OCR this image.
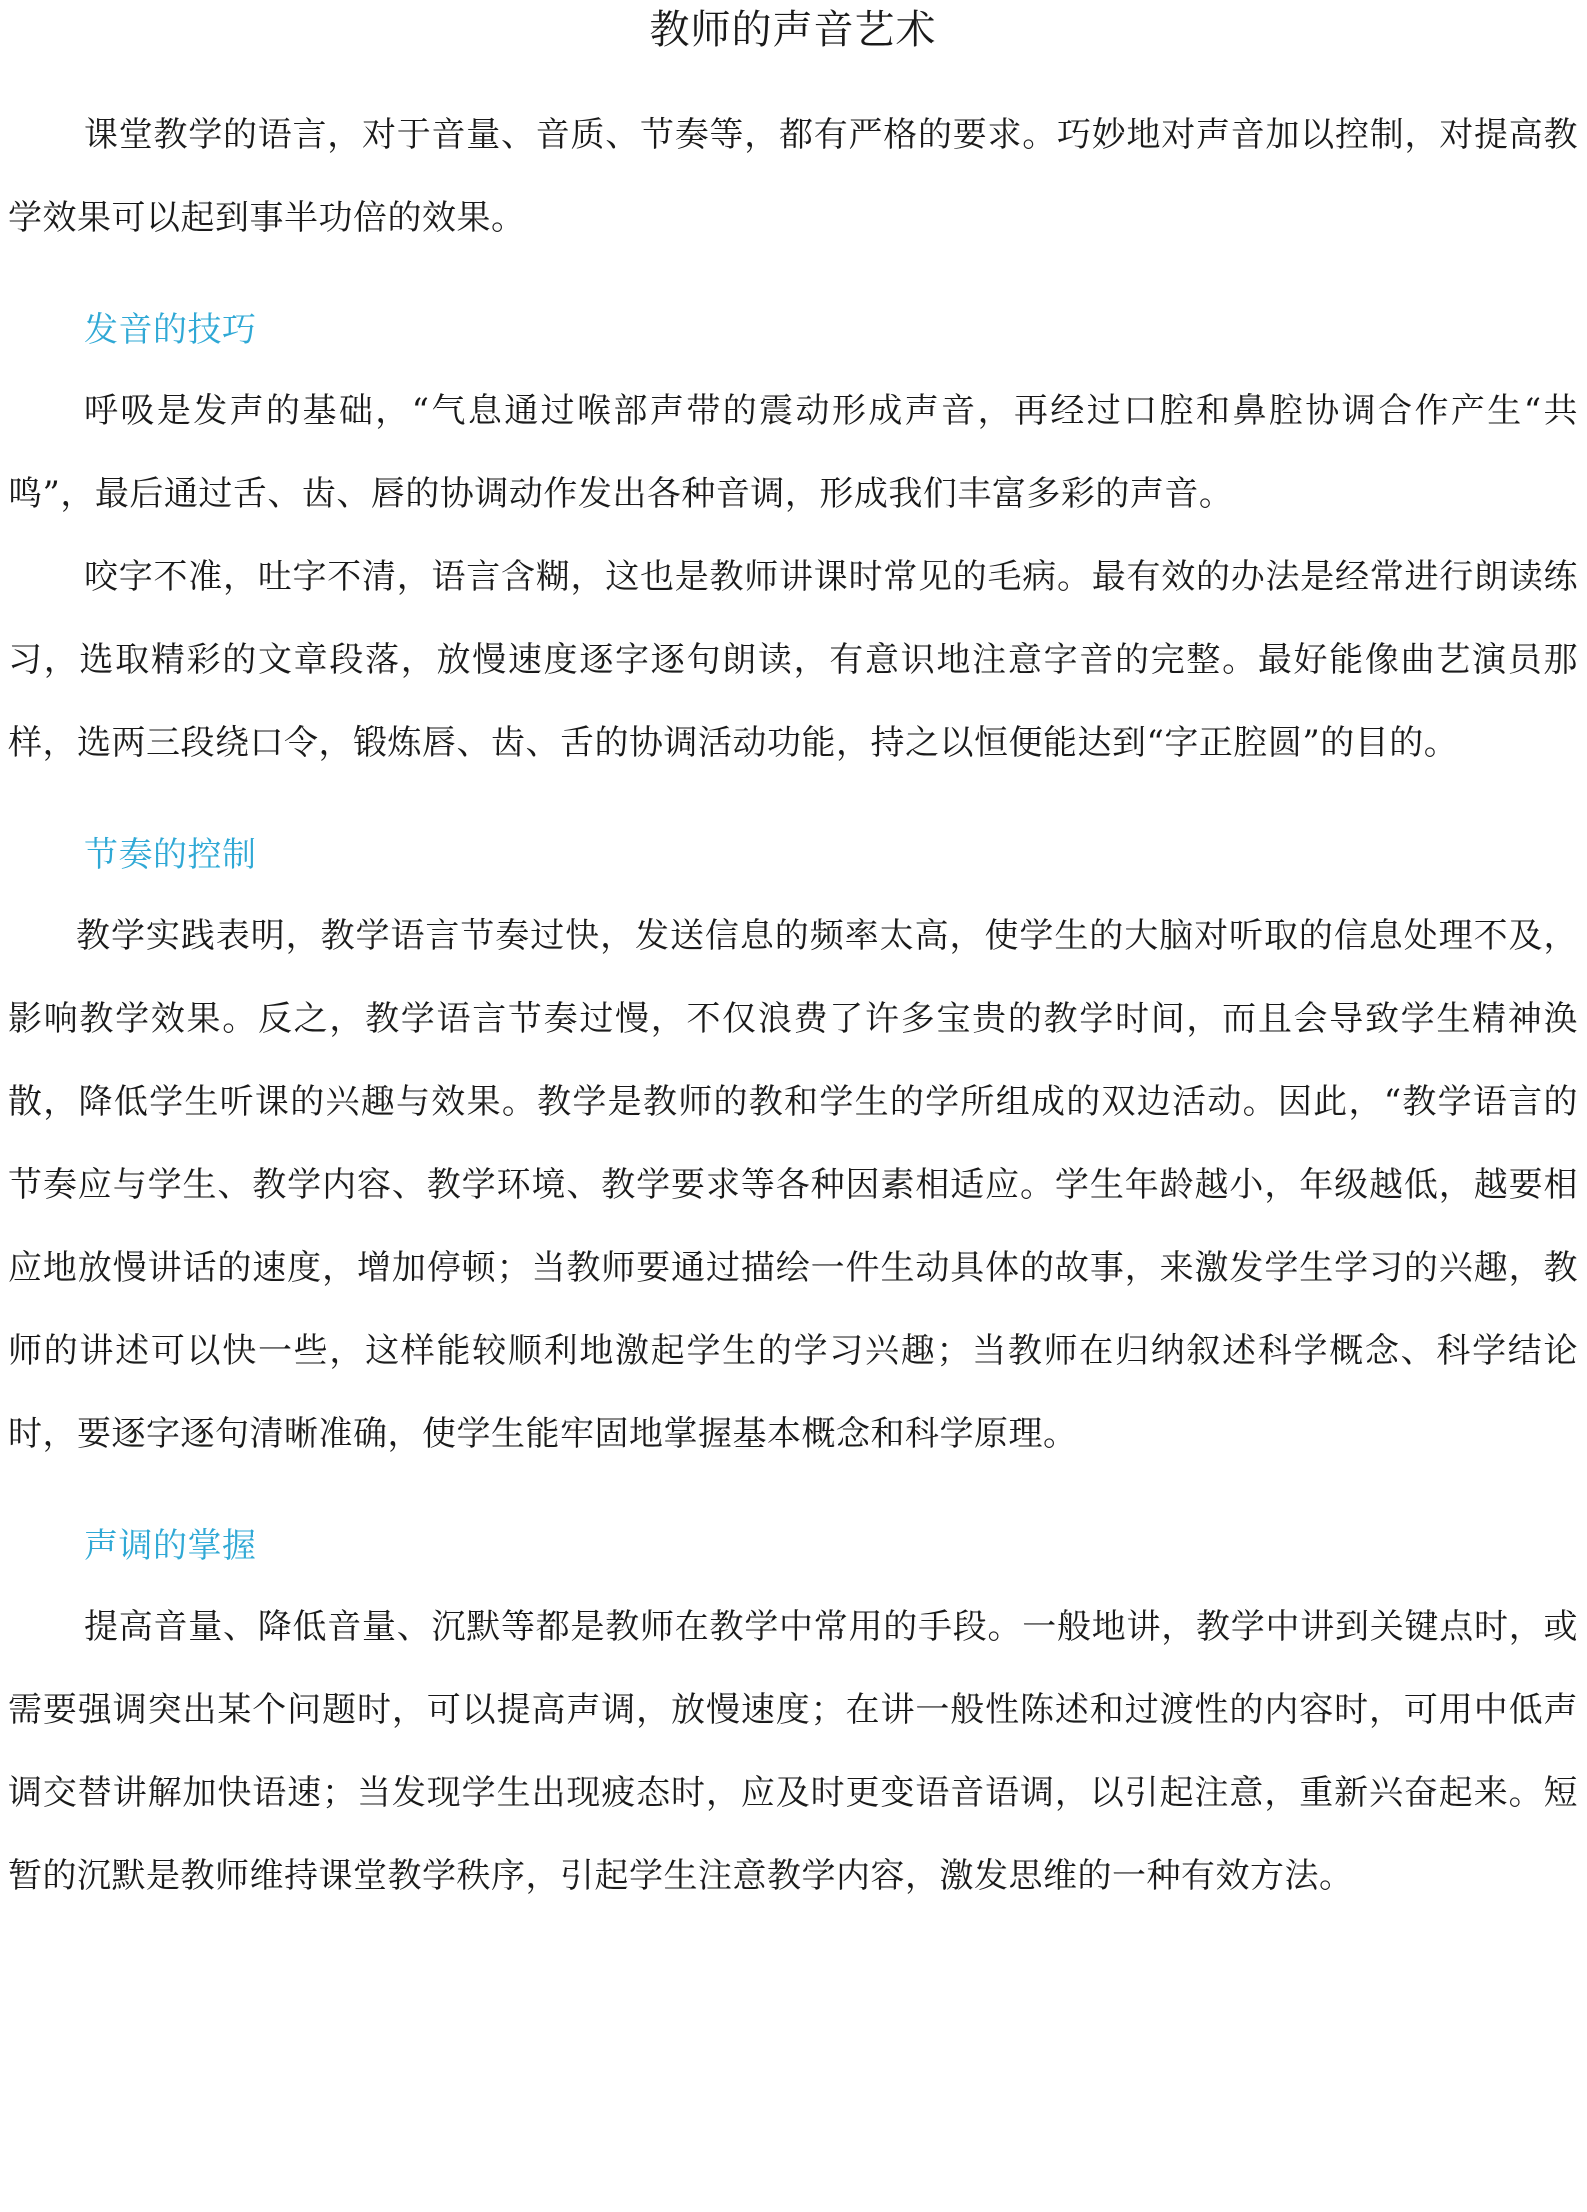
教师的声音艺术

课堂教学的语言，对于音量、音质、节奏等，都有严格的要求。巧妙地对声音加以控制，对提高教学效果可以起到事半功倍的效果。

发音的技巧

呼吸是发声的基础，“气息通过喉部声带的震动形成声音，再经过口腔和鼻腔协调合作产生“共鸣”，最后通过舌、齿、唇的协调动作发出各种音调，形成我们丰富多彩的声音。

咬字不准，吐字不清，语言含糊，这也是教师讲课时常见的毛病。最有效的办法是经常进行朗读练习，选取精彩的文章段落，放慢速度逐字逐句朗读，有意识地注意字音的完整。最好能像曲艺演员那样，选两三段绕口令，锻炼唇、齿、舌的协调活动功能，持之以恒便能达到“字正腔圆”的目的。

节奏的控制

教学实践表明，教学语言节奏过快，发送信息的频率太高，使学生的大脑对听取的信息处理不及，影响教学效果。反之，教学语言节奏过慢，不仅浪费了许多宝贵的教学时间，而且会导致学生精神涣散，降低学生听课的兴趣与效果。教学是教师的教和学生的学所组成的双边活动。因此，“教学语言的节奏应与学生、教学内容、教学环境、教学要求等各种因素相适应。学生年龄越小，年级越低，越要相应地放慢讲话的速度，增加停顿；当教师要通过描绘一件生动具体的故事，来激发学生学习的兴趣，教师的讲述可以快一些，这样能较顺利地激起学生的学习兴趣；当教师在归纳叙述科学概念、科学结论时，要逐字逐句清晰准确，使学生能牢固地掌握基本概念和科学原理。

声调的掌握

提高音量、降低音量、沉默等都是教师在教学中常用的手段。一般地讲，教学中讲到关键点时，或需要强调突出某个问题时，可以提高声调，放慢速度；在讲一般性陈述和过渡性的内容时，可用中低声调交替讲解加快语速；当发现学生出现疲态时，应及时更变语音语调，以引起注意，重新兴奋起来。短暂的沉默是教师维持课堂教学秩序，引起学生注意教学内容，激发思维的一种有效方法。
